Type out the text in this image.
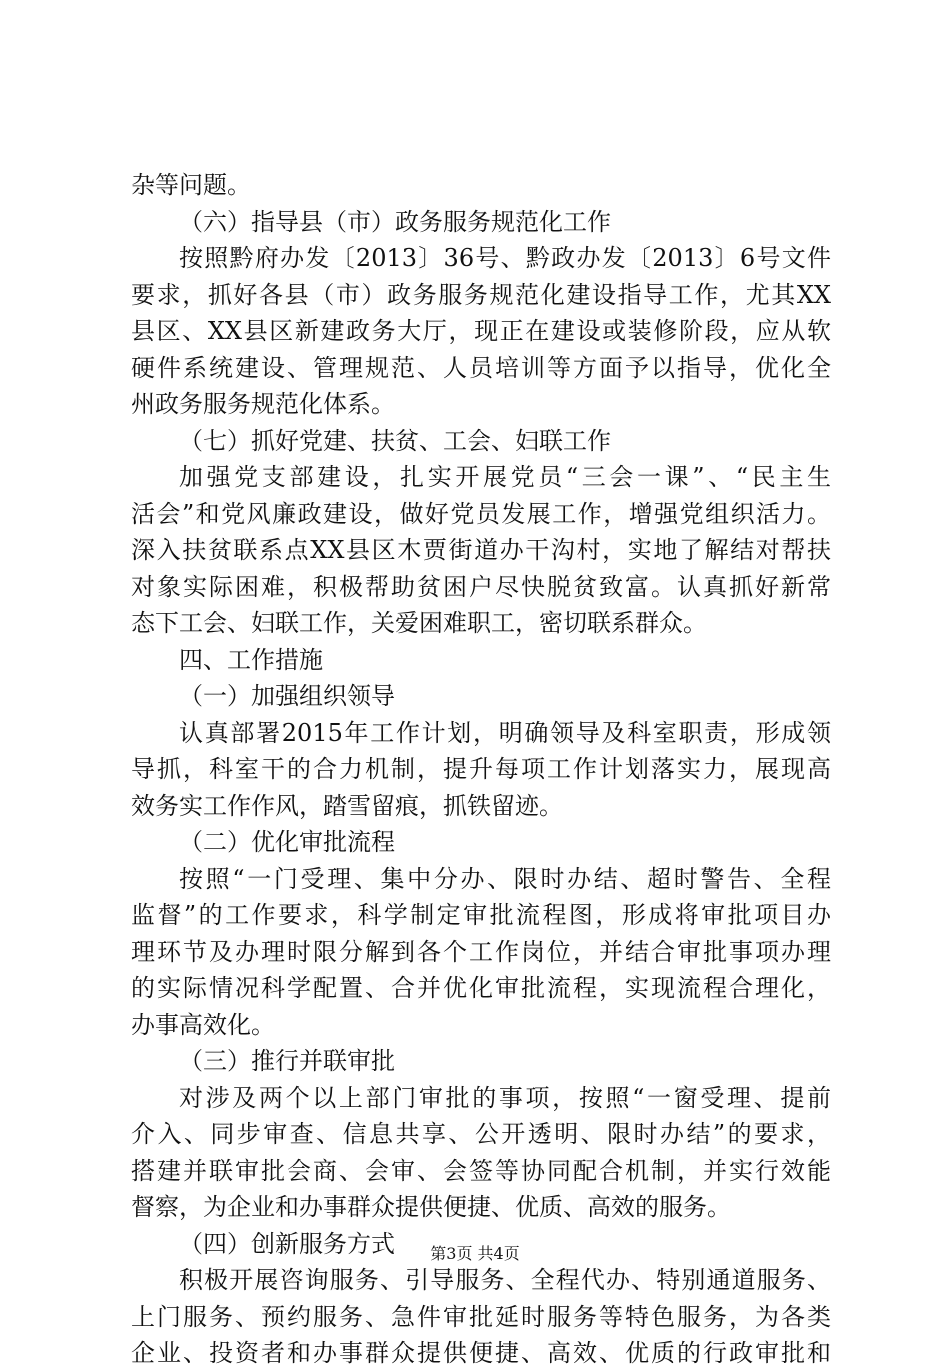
杂等问题。
（六）指导县（市）政务服务规范化工作
按照黔府办发〔2013〕36号、黔政办发〔2013〕6号文件
要求，抓好各县（市）政务服务规范化建设指导工作，尤其XX
县区、XX县区新建政务大厅，现正在建设或装修阶段，应从软
硬件系统建设、管理规范、人员培训等方面予以指导，优化全
州政务服务规范化体系。
（七）抓好党建、扶贫、工会、妇联工作
加强党支部建设，扎实开展党员“三会一课”、“民主生
活会”和党风廉政建设，做好党员发展工作，增强党组织活力。
深入扶贫联系点XX县区木贾街道办干沟村，实地了解结对帮扶
对象实际困难，积极帮助贫困户尽快脱贫致富。认真抓好新常
态下工会、妇联工作，关爱困难职工，密切联系群众。
四、工作措施
（一）加强组织领导
认真部署2015年工作计划，明确领导及科室职责，形成领
导抓，科室干的合力机制，提升每项工作计划落实力，展现高
效务实工作作风，踏雪留痕，抓铁留迹。
（二）优化审批流程
按照“一门受理、集中分办、限时办结、超时警告、全程
监督”的工作要求，科学制定审批流程图，形成将审批项目办
理环节及办理时限分解到各个工作岗位，并结合审批事项办理
的实际情况科学配置、合并优化审批流程，实现流程合理化，
办事高效化。
（三）推行并联审批
对涉及两个以上部门审批的事项，按照“一窗受理、提前
介入、同步审查、信息共享、公开透明、限时办结”的要求，
搭建并联审批会商、会审、会签等协同配合机制，并实行效能
督察，为企业和办事群众提供便捷、优质、高效的服务。
（四）创新服务方式
积极开展咨询服务、引导服务、全程代办、特别通道服务、
上门服务、预约服务、急件审批延时服务等特色服务，为各类
企业、投资者和办事群众提供便捷、高效、优质的行政审批和
第3页 共4页
